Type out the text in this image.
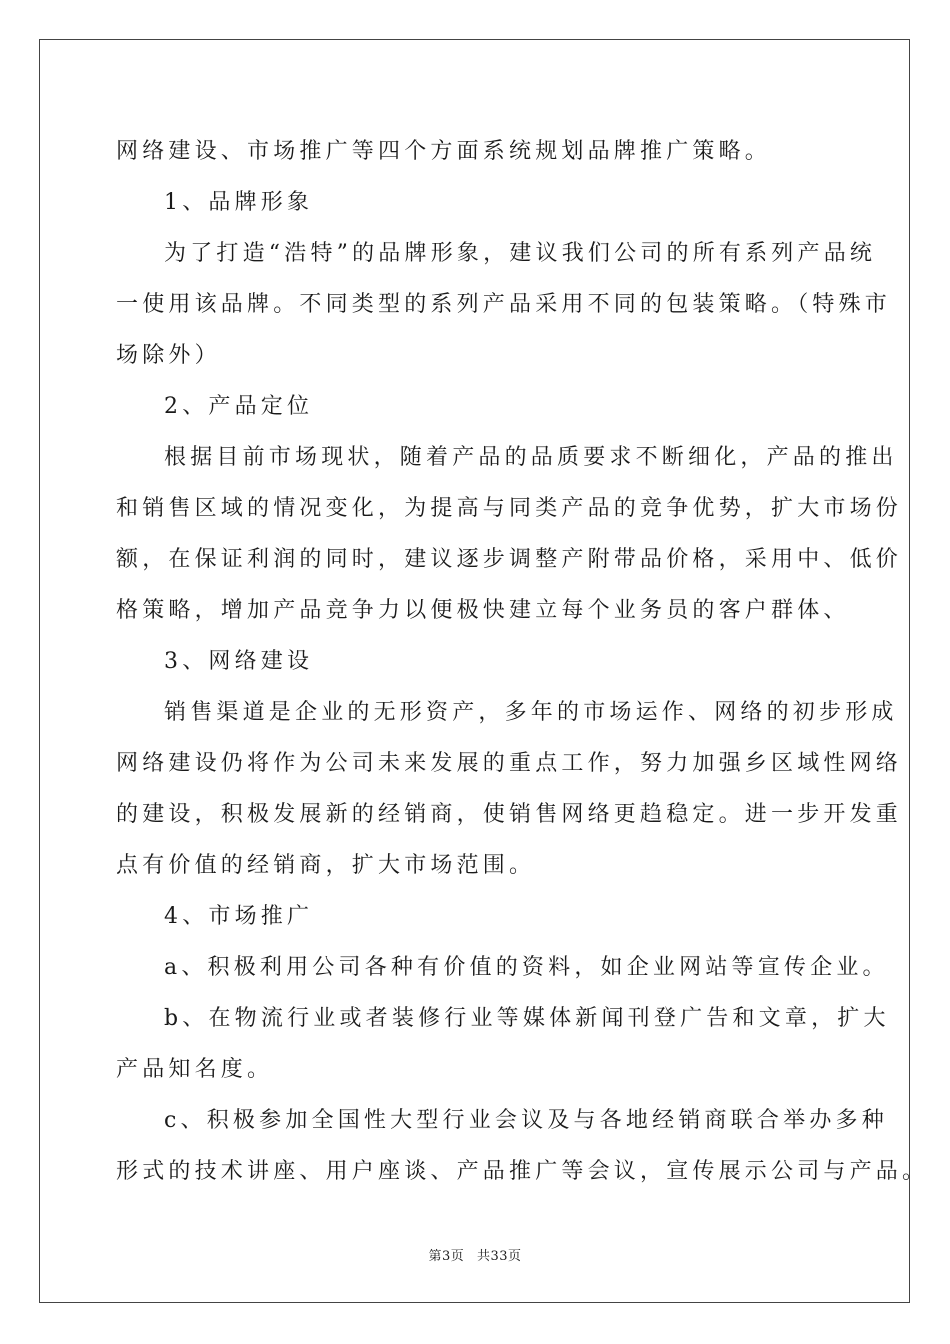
网络建设、市场推广等四个方面系统规划品牌推广策略。
1、品牌形象
为了打造“浩特”的品牌形象，建议我们公司的所有系列产品统
一使用该品牌。不同类型的系列产品采用不同的包装策略。（特殊市
场除外）
2、产品定位
根据目前市场现状，随着产品的品质要求不断细化，产品的推出
和销售区域的情况变化，为提高与同类产品的竞争优势，扩大市场份
额，在保证利润的同时，建议逐步调整产附带品价格，采用中、低价
格策略，增加产品竞争力以便极快建立每个业务员的客户群体、
3、网络建设
销售渠道是企业的无形资产，多年的市场运作、网络的初步形成
网络建设仍将作为公司未来发展的重点工作，努力加强乡区域性网络
的建设，积极发展新的经销商，使销售网络更趋稳定。进一步开发重
点有价值的经销商，扩大市场范围。
4、市场推广
a、积极利用公司各种有价值的资料，如企业网站等宣传企业。
b、在物流行业或者装修行业等媒体新闻刊登广告和文章，扩大
产品知名度。
c、积极参加全国性大型行业会议及与各地经销商联合举办多种
形式的技术讲座、用户座谈、产品推广等会议，宣传展示公司与产品。
第3页 共33页
